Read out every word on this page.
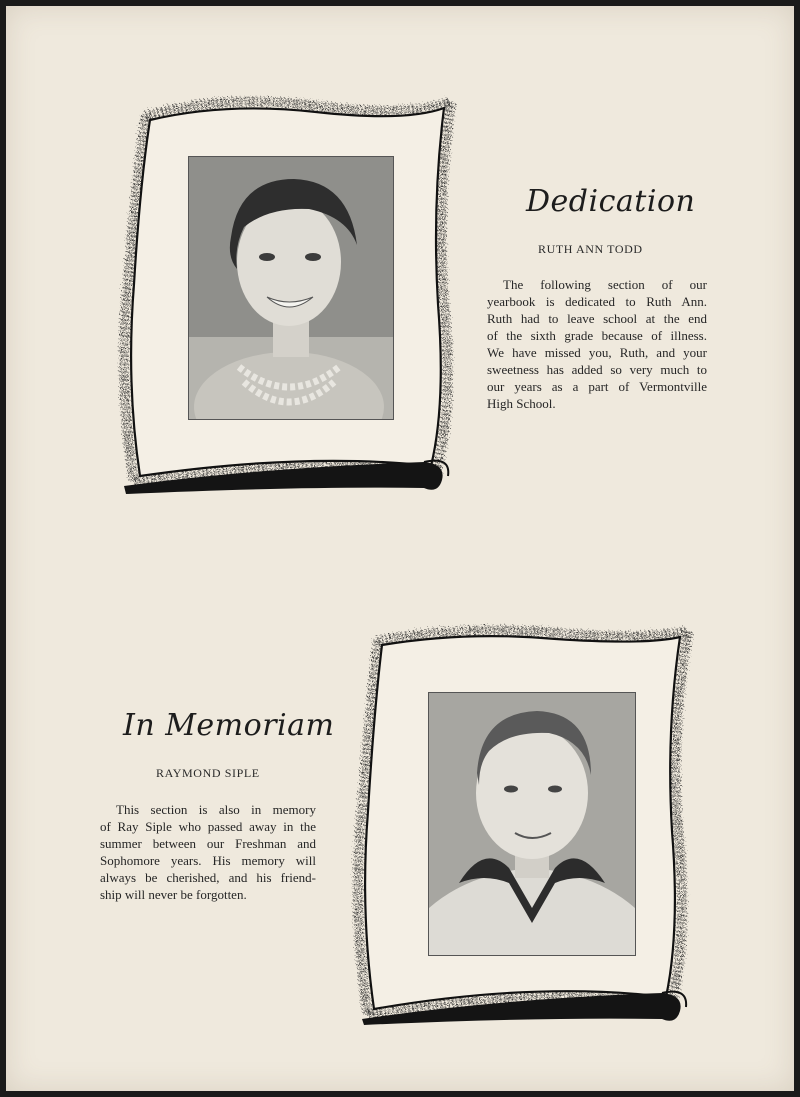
Dedication
RUTH ANN TODD
The following section of our
yearbook is dedicated to Ruth Ann.
Ruth had to leave school at the end
of the sixth grade because of illness.
We have missed you, Ruth, and your
sweetness has added so very much to
our years as a part of Vermontville
High School.
In Memoriam
RAYMOND SIPLE
This section is also in memory
of Ray Siple who passed away in the
summer between our Freshman and
Sophomore years. His memory will
always be cherished, and his friend-
ship will never be forgotten.
